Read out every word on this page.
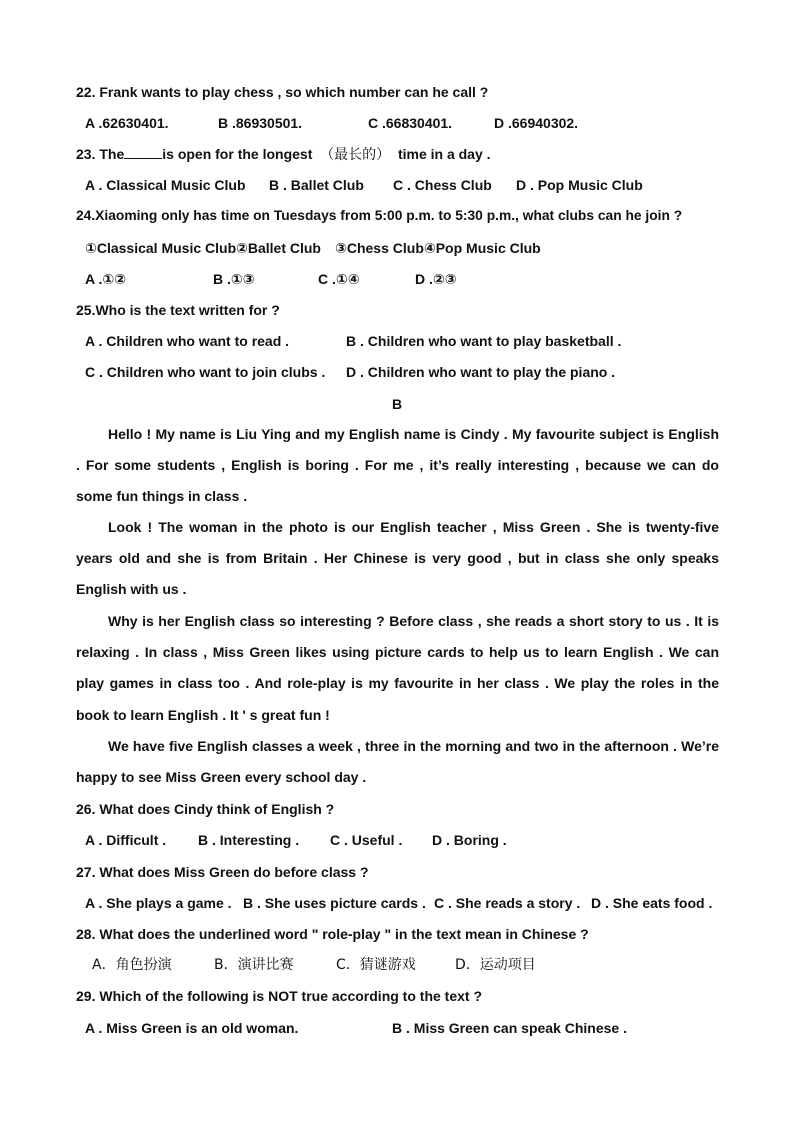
22. Frank wants to play chess , so which number can he call ?
A .62630401.	B .86930501.	C .66830401.	D .66940302.
23. The	is open for the longest （最长的） time in a day .
A . Classical Music Club B . Ballet Club C . Chess Club D . Pop Music Club
24.Xiaoming only has time on Tuesdays from 5:00 p.m. to 5:30 p.m., what clubs can he join ?
①Classical Music Club ②Ballet Club ③Chess Club④Pop Music Club
A .①②	B .①③	C .①④	D .②③
25.Who is the text written for ?
A . Children who want to read .	B . Children who want to play basketball .
C . Children who want to join clubs . D . Children who want to play the piano .
B
Hello ! My name is Liu Ying and my English name is Cindy . My favourite subject is English . For some students , English is boring . For me , it’s really interesting , because we can do some fun things in class .
Look ! The woman in the photo is our English teacher , Miss Green . She is twenty-five years old and she is from Britain . Her Chinese is very good , but in class she only speaks English with us .
Why is her English class so interesting ? Before class , she reads a short story to us . It is relaxing . In class , Miss Green likes using picture cards to help us to learn English . We can play games in class too . And role-play is my favourite in her class . We play the roles in the book to learn English . It ' s great fun !
We have five English classes a week , three in the morning and two in the afternoon . We’re happy to see Miss Green every school day .
26. What does Cindy think of English ?
A . Difficult . B . Interesting . C . Useful . D . Boring .
27. What does Miss Green do before class ?
A . She plays a game . B . She uses picture cards . C . She reads a story . D . She eats food .
28. What does the underlined word " role-play " in the text mean in Chinese ?
A．角色扮演	B．演讲比赛	C．猜谜游戏	D．运动项目
29. Which of the following is NOT true according to the text ?
A . Miss Green is an old woman.	B . Miss Green can speak Chinese .
